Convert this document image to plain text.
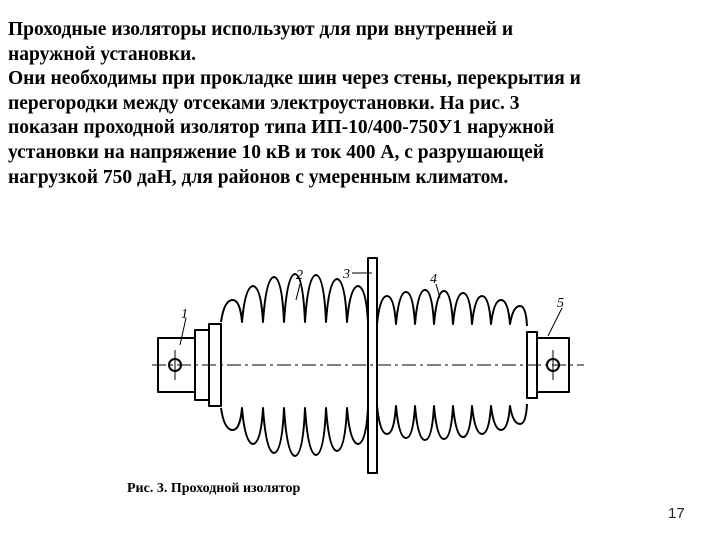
Проходные изоляторы используют для при внутренней и
наружной установки.
Они необходимы при прокладке шин через стены, перекрытия и
перегородки между отсеками электроустановки. На рис. 3
показан проходной изолятор типа ИП-10/400-750У1 наружной
установки на напряжение 10 кВ и ток 400 А, с разрушающей
нагрузкой 750 даН, для районов с умеренным климатом.
1
2	3	4
5
Рис. 3. Проходной изолятор
17
